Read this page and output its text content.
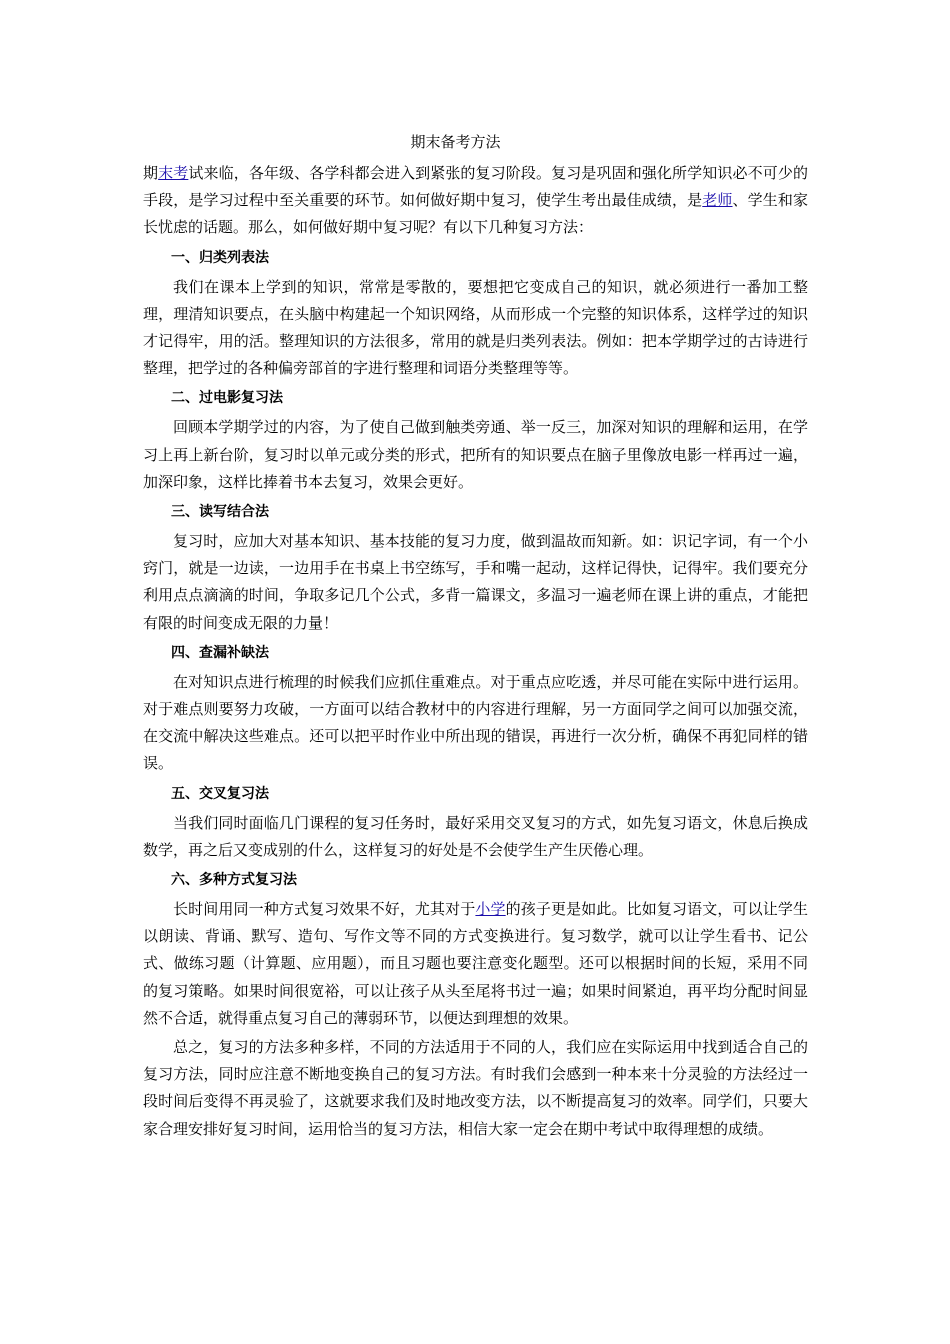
期末备考方法

期末考试来临，各年级、各学科都会进入到紧张的复习阶段。复习是巩固和强化所学知识必不可少的手段，是学习过程中至关重要的环节。如何做好期中复习，使学生考出最佳成绩，是老师、学生和家长忧虑的话题。那么，如何做好期中复习呢？有以下几种复习方法：

一、归类列表法

我们在课本上学到的知识，常常是零散的，要想把它变成自己的知识，就必须进行一番加工整理，理清知识要点，在头脑中构建起一个知识网络，从而形成一个完整的知识体系，这样学过的知识才记得牢，用的活。整理知识的方法很多，常用的就是归类列表法。例如：把本学期学过的古诗进行整理，把学过的各种偏旁部首的字进行整理和词语分类整理等等。

二、过电影复习法

回顾本学期学过的内容，为了使自己做到触类旁通、举一反三，加深对知识的理解和运用，在学习上再上新台阶，复习时以单元或分类的形式，把所有的知识要点在脑子里像放电影一样再过一遍，加深印象，这样比捧着书本去复习，效果会更好。

三、读写结合法

复习时，应加大对基本知识、基本技能的复习力度，做到温故而知新。如：识记字词，有一个小窍门，就是一边读，一边用手在书桌上书空练写，手和嘴一起动，这样记得快，记得牢。我们要充分利用点点滴滴的时间，争取多记几个公式，多背一篇课文，多温习一遍老师在课上讲的重点，才能把有限的时间变成无限的力量！

四、查漏补缺法

在对知识点进行梳理的时候我们应抓住重难点。对于重点应吃透，并尽可能在实际中进行运用。对于难点则要努力攻破，一方面可以结合教材中的内容进行理解，另一方面同学之间可以加强交流，在交流中解决这些难点。还可以把平时作业中所出现的错误，再进行一次分析，确保不再犯同样的错误。

五、交叉复习法

当我们同时面临几门课程的复习任务时，最好采用交叉复习的方式，如先复习语文，休息后换成数学，再之后又变成别的什么，这样复习的好处是不会使学生产生厌倦心理。

六、多种方式复习法

长时间用同一种方式复习效果不好，尤其对于小学的孩子更是如此。比如复习语文，可以让学生以朗读、背诵、默写、造句、写作文等不同的方式变换进行。复习数学，就可以让学生看书、记公式、做练习题（计算题、应用题），而且习题也要注意变化题型。还可以根据时间的长短，采用不同的复习策略。如果时间很宽裕，可以让孩子从头至尾将书过一遍；如果时间紧迫，再平均分配时间显然不合适，就得重点复习自己的薄弱环节，以便达到理想的效果。

总之，复习的方法多种多样，不同的方法适用于不同的人，我们应在实际运用中找到适合自己的复习方法，同时应注意不断地变换自己的复习方法。有时我们会感到一种本来十分灵验的方法经过一段时间后变得不再灵验了，这就要求我们及时地改变方法，以不断提高复习的效率。同学们，只要大家合理安排好复习时间，运用恰当的复习方法，相信大家一定会在期中考试中取得理想的成绩。
